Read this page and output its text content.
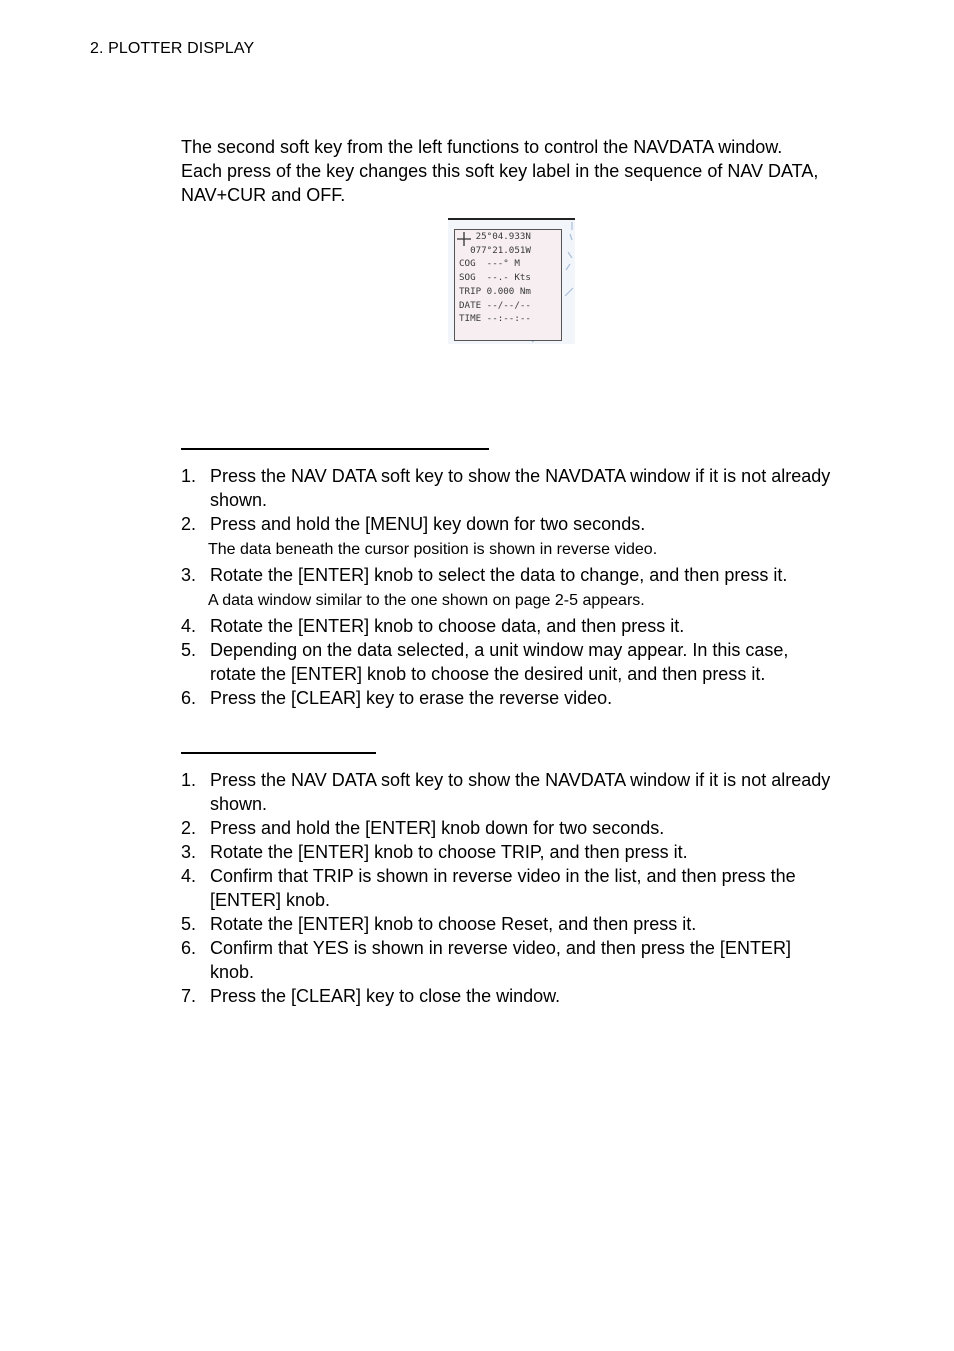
2. PLOTTER DISPLAY

The second soft key from the left functions to control the NAVDATA window.

Each press of the key changes this soft key label in the sequence of NAV DATA,

NAV+CUR and OFF.

25°04.933N
077°21.051W
COG  ---° M
SOG  --.- Kts
TRIP 0.000 Nm
DATE --/--/--
TIME --:--:--
1. Press the NAV DATA soft key to show the NAVDATA window if it is not already shown.
2. Press and hold the [MENU] key down for two seconds.
The data beneath the cursor position is shown in reverse video.
3. Rotate the [ENTER] knob to select the data to change, and then press it.
A data window similar to the one shown on page 2-5 appears.
4. Rotate the [ENTER] knob to choose data, and then press it.
5. Depending on the data selected, a unit window may appear. In this case, rotate the [ENTER] knob to choose the desired unit, and then press it.
6. Press the [CLEAR] key to erase the reverse video.
1. Press the NAV DATA soft key to show the NAVDATA window if it is not already shown.
2. Press and hold the [ENTER] knob down for two seconds.
3. Rotate the [ENTER] knob to choose TRIP, and then press it.
4. Confirm that TRIP is shown in reverse video in the list, and then press the [ENTER] knob.
5. Rotate the [ENTER] knob to choose Reset, and then press it.
6. Confirm that YES is shown in reverse video, and then press the [ENTER] knob.
7. Press the [CLEAR] key to close the window.
